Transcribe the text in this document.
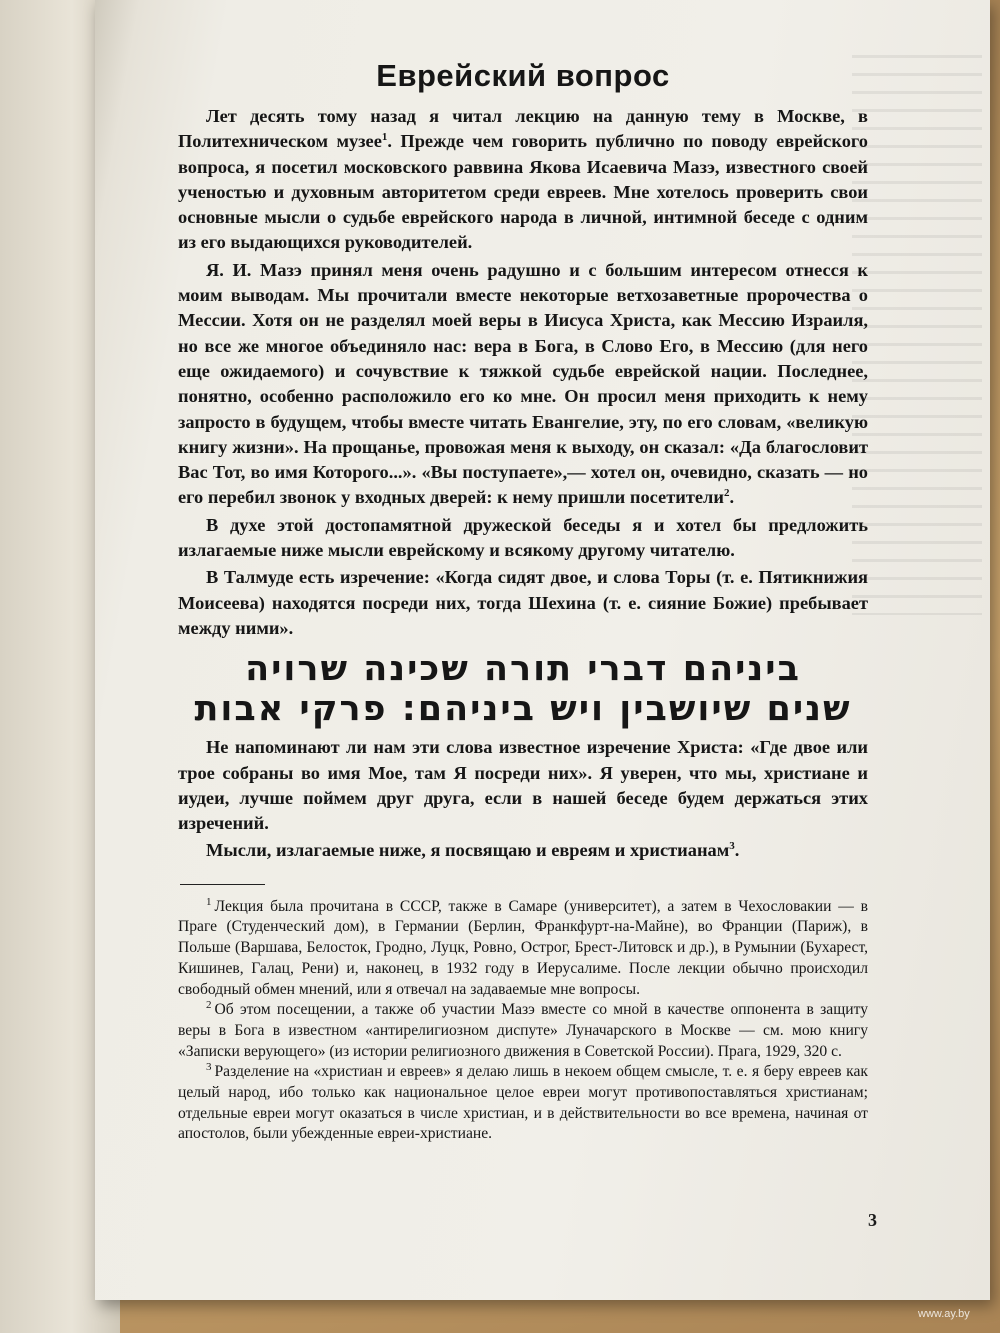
Еврейский вопрос

Лет десять тому назад я читал лекцию на данную тему в Москве, в Политехническом музее$^1$. Прежде чем говорить публично по поводу еврейского вопроса, я посетил московского раввина Якова Исаевича Мазэ, известного своей ученостью и духовным авторитетом среди евреев. Мне хотелось проверить свои основные мысли о судьбе еврейского народа в личной, интимной беседе с одним из его выдающихся руководителей.

Я. И. Мазэ принял меня очень радушно и с большим интересом отнесся к моим выводам. Мы прочитали вместе некоторые ветхозаветные пророчества о Мессии. Хотя он не разделял моей веры в Иисуса Христа, как Мессию Израиля, но все же многое объединяло нас: вера в Бога, в Слово Его, в Мессию (для него еще ожидаемого) и сочувствие к тяжкой судьбе еврейской нации. Последнее, понятно, особенно расположило его ко мне. Он просил меня приходить к нему запросто в будущем, чтобы вместе читать Евангелие, эту, по его словам, «великую книгу жизни». На прощанье, провожая меня к выходу, он сказал: «Да благословит Вас Тот, во имя Которого...». «Вы поступаете»,— хотел он, очевидно, сказать — но его перебил звонок у входных дверей: к нему пришли посетители$^2$.

В духе этой достопамятной дружеской беседы я и хотел бы предложить излагаемые ниже мысли еврейскому и всякому другому читателю.

В Талмуде есть изречение: «Когда сидят двое, и слова Торы (т. е. Пятикнижия Моисеева) находятся посреди них, тогда Шехина (т. е. сияние Божие) пребывает между ними».

ביניהם דברי תורה שכינה שרויה
שנים שיושבין ויש ביניהם: פרקי אבות

Не напоминают ли нам эти слова известное изречение Христа: «Где двое или трое собраны во имя Мое, там Я посреди них». Я уверен, что мы, христиане и иудеи, лучше поймем друг друга, если в нашей беседе будем держаться этих изречений.

Мысли, излагаемые ниже, я посвящаю и евреям и христианам$^3$.

$^1$ Лекция была прочитана в СССР, также в Самаре (университет), а затем в Чехословакии — в Праге (Студенческий дом), в Германии (Берлин, Франкфурт-на-Майне), во Франции (Париж), в Польше (Варшава, Белосток, Гродно, Луцк, Ровно, Острог, Брест-Литовск и др.), в Румынии (Бухарест, Кишинев, Галац, Рени) и, наконец, в 1932 году в Иерусалиме. После лекции обычно происходил свободный обмен мнений, или я отвечал на задаваемые мне вопросы.

$^2$ Об этом посещении, а также об участии Мазэ вместе со мной в качестве оппонента в защиту веры в Бога в известном «антирелигиозном диспуте» Луначарского в Москве — см. мою книгу «Записки верующего» (из истории религиозного движения в Советской России). Прага, 1929, 320 с.

$^3$ Разделение на «христиан и евреев» я делаю лишь в некоем общем смысле, т. е. я беру евреев как целый народ, ибо только как национальное целое евреи могут противопоставляться христианам; отдельные евреи могут оказаться в числе христиан, и в действительности во все времена, начиная от апостолов, были убежденные евреи-христиане.

3
www.ay.by
